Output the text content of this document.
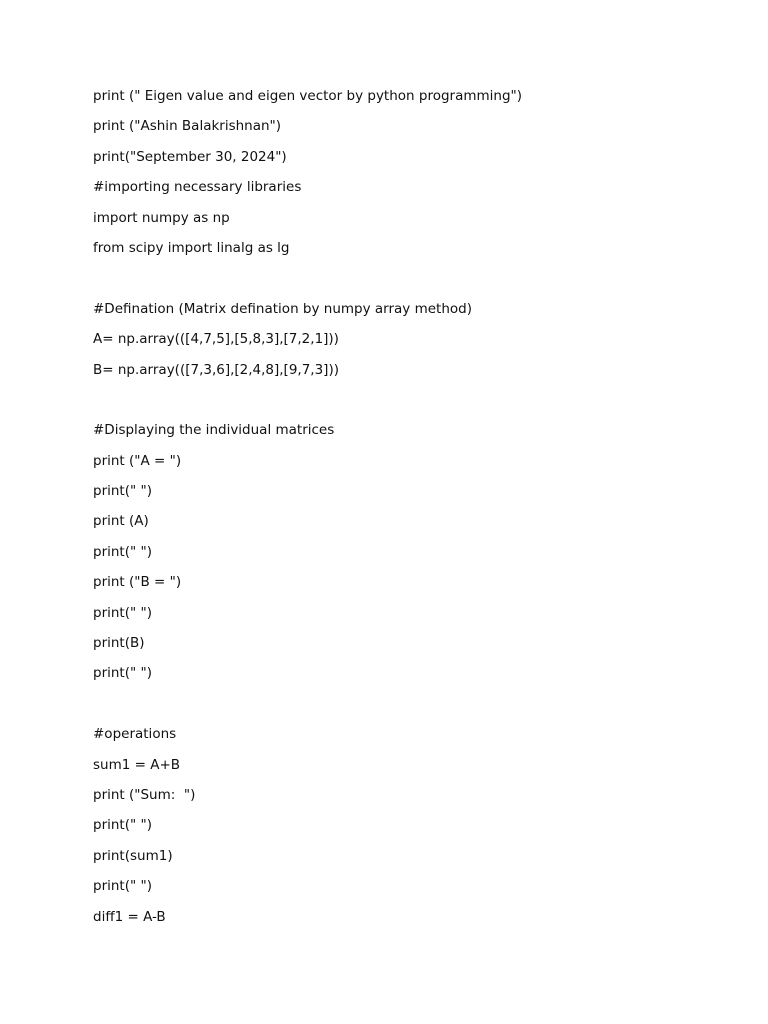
print (" Eigen value and eigen vector by python programming")
print ("Ashin Balakrishnan")
print("September 30, 2024")
#importing necessary libraries
import numpy as np
from scipy import linalg as lg
#Defination (Matrix defination by numpy array method)
A= np.array(([4,7,5],[5,8,3],[7,2,1]))
B= np.array(([7,3,6],[2,4,8],[9,7,3]))
#Displaying the individual matrices
print ("A = ")
print(" ")
print (A)
print(" ")
print ("B = ")
print(" ")
print(B)
print(" ")
#operations
sum1 = A+B
print ("Sum:  ")
print(" ")
print(sum1)
print(" ")
diff1 = A-B
